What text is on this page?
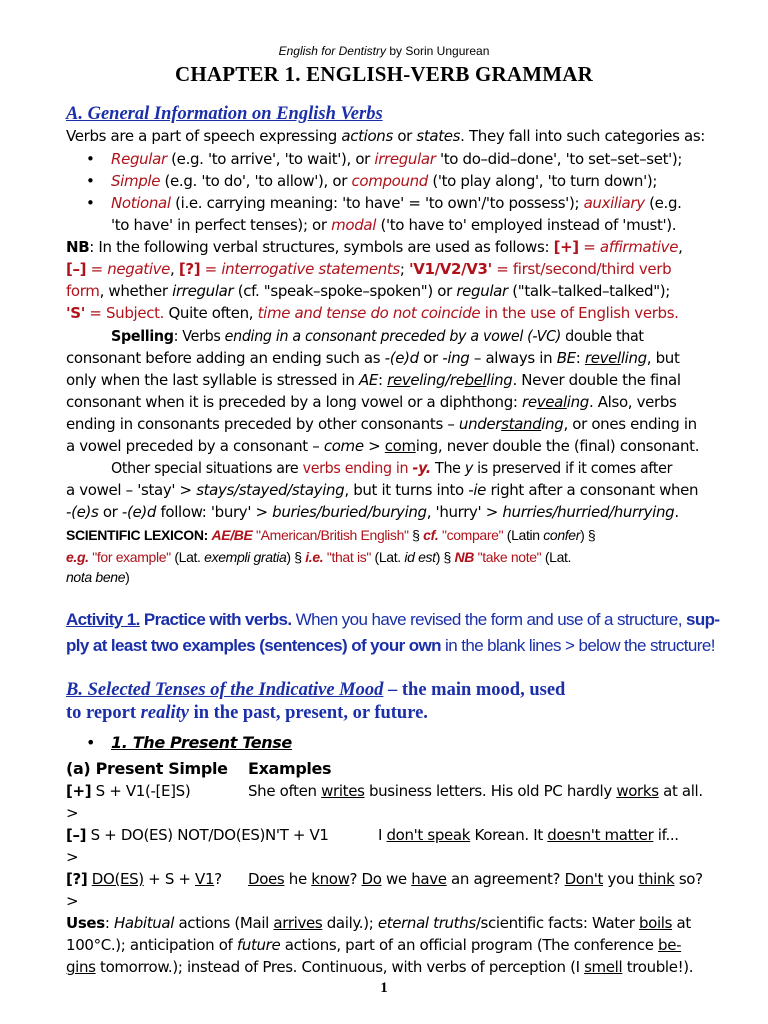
English for Dentistry by Sorin Ungurean
CHAPTER 1. ENGLISH-VERB GRAMMAR
A. General Information on English Verbs
Verbs are a part of speech expressing actions or states. They fall into such categories as:
• Regular (e.g. 'to arrive', 'to wait'), or irregular 'to do–did–done', 'to set–set–set');
• Simple (e.g. 'to do', 'to allow'), or compound ('to play along', 'to turn down');
• Notional (i.e. carrying meaning: 'to have' = 'to own'/'to possess'); auxiliary (e.g.
'to have' in perfect tenses); or modal ('to have to' employed instead of 'must').
NB: In the following verbal structures, symbols are used as follows: [+] = affirmative,
[–] = negative, [?] = interrogative statements; 'V1/V2/V3' = first/second/third verb
form, whether irregular (cf. "speak–spoke–spoken") or regular ("talk–talked–talked");
'S' = Subject. Quite often, time and tense do not coincide in the use of English verbs.
Spelling: Verbs ending in a consonant preceded by a vowel (-VC) double that
consonant before adding an ending such as -(e)d or -ing – always in BE: revelling, but
only when the last syllable is stressed in AE: reveling/rebelling. Never double the final
consonant when it is preceded by a long vowel or a diphthong: revealing. Also, verbs
ending in consonants preceded by other consonants – understanding, or ones ending in
a vowel preceded by a consonant – come > coming, never double the (final) consonant.
Other special situations are verbs ending in -y. The y is preserved if it comes after
a vowel – 'stay' > stays/stayed/staying, but it turns into -ie right after a consonant when
-(e)s or -(e)d follow: 'bury' > buries/buried/burying, 'hurry' > hurries/hurried/hurrying.
SCIENTIFIC LEXICON: AE/BE "American/British English" § cf. "compare" (Latin confer) §
e.g. "for example" (Lat. exempli gratia) § i.e. "that is" (Lat. id est) § NB "take note" (Lat.
nota bene)
Activity 1. Practice with verbs. When you have revised the form and use of a structure, sup-
ply at least two examples (sentences) of your own in the blank lines > below the structure!
B. Selected Tenses of the Indicative Mood – the main mood, used
to report reality in the past, present, or future.
• 1. The Present Tense
(a) Present Simple Examples
[+] S + V1(-[E]S)	She often writes business letters. His old PC hardly works at all.
>
[–] S + DO(ES) NOT/DO(ES)N'T + V1	I don't speak Korean. It doesn't matter if...
>
[?] DO(ES) + S + V1? Does he know? Do we have an agreement? Don't you think so?
>
Uses: Habitual actions (Mail arrives daily.); eternal truths/scientific facts: Water boils at
100°C.); anticipation of future actions, part of an official program (The conference be-
gins tomorrow.); instead of Pres. Continuous, with verbs of perception (I smell trouble!).
1
